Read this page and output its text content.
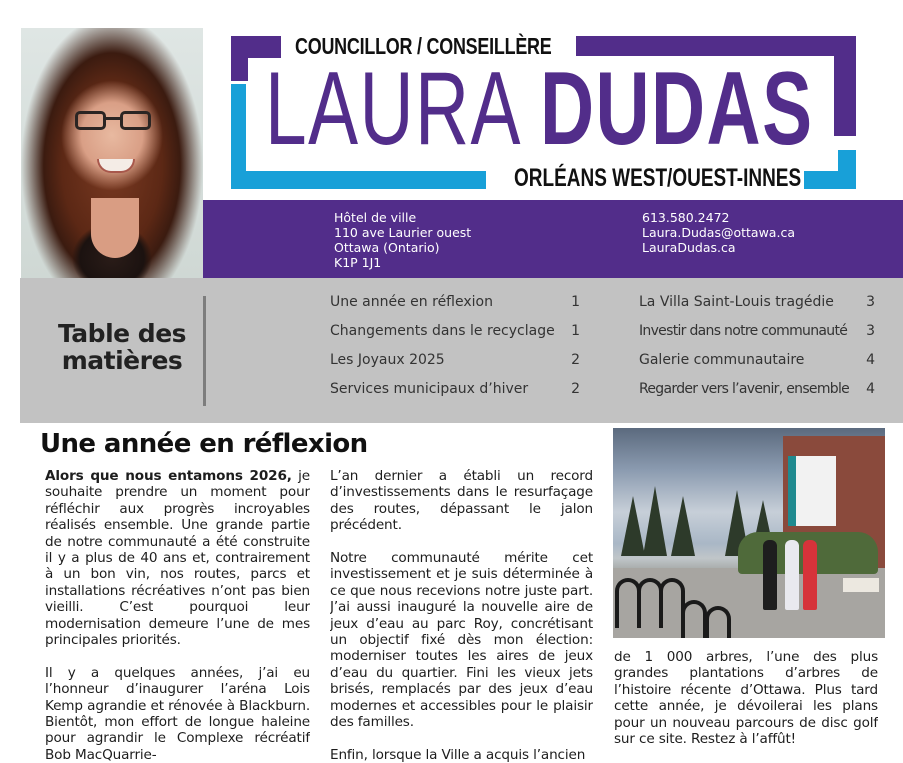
COUNCILLOR / CONSEILLÈRE
LAURA DUDAS
ORLÉANS WEST/OUEST-INNES
Hôtel de ville
110 ave Laurier ouest
Ottawa (Ontario)
K1P 1J1
613.580.2472
Laura.Dudas@ottawa.ca
LauraDudas.ca
Table des
matières
Une année en réflexion	1
Changements dans le recyclage 1
Les Joyaux 2025	2
Services municipaux d’hiver	2
La Villa Saint-Louis tragédie 3
Investir dans notre communauté 3
Galerie communautaire	4
Regarder vers l’avenir, ensemble 4
Une année en réflexion

Alors que nous entamons 2026, je souhaite prendre un moment pour réfléchir aux progrès incroyables réalisés ensemble. Une grande partie de notre communauté a été construite il y a plus de 40 ans et, contrairement à un bon vin, nos routes, parcs et installations récréatives n’ont pas bien vieilli. C’est pourquoi leur modernisation demeure l’une de mes principales priorités.

Il y a quelques années, j’ai eu l’honneur d’inaugurer l’aréna Lois Kemp agrandie et rénovée à Blackburn. Bientôt, mon effort de longue haleine pour agrandir le Complexe récréatif Bob MacQuarrie-

L’an dernier a établi un record d’investissements dans le resurfaçage des routes, dépassant le jalon précédent.

Notre communauté mérite cet investissement et je suis déterminée à ce que nous recevions notre juste part. J’ai aussi inauguré la nouvelle aire de jeux d’eau au parc Roy, concrétisant un objectif fixé dès mon élection: moderniser toutes les aires de jeux d’eau du quartier. Fini les vieux jets brisés, remplacés par des jeux d’eau modernes et accessibles pour le plaisir des familles.

Enfin, lorsque la Ville a acquis l’ancien

de 1 000 arbres, l’une des plus grandes plantations d’arbres de l’histoire récente d’Ottawa. Plus tard cette année, je dévoilerai les plans pour un nouveau parcours de disc golf sur ce site. Restez à l’affût!
